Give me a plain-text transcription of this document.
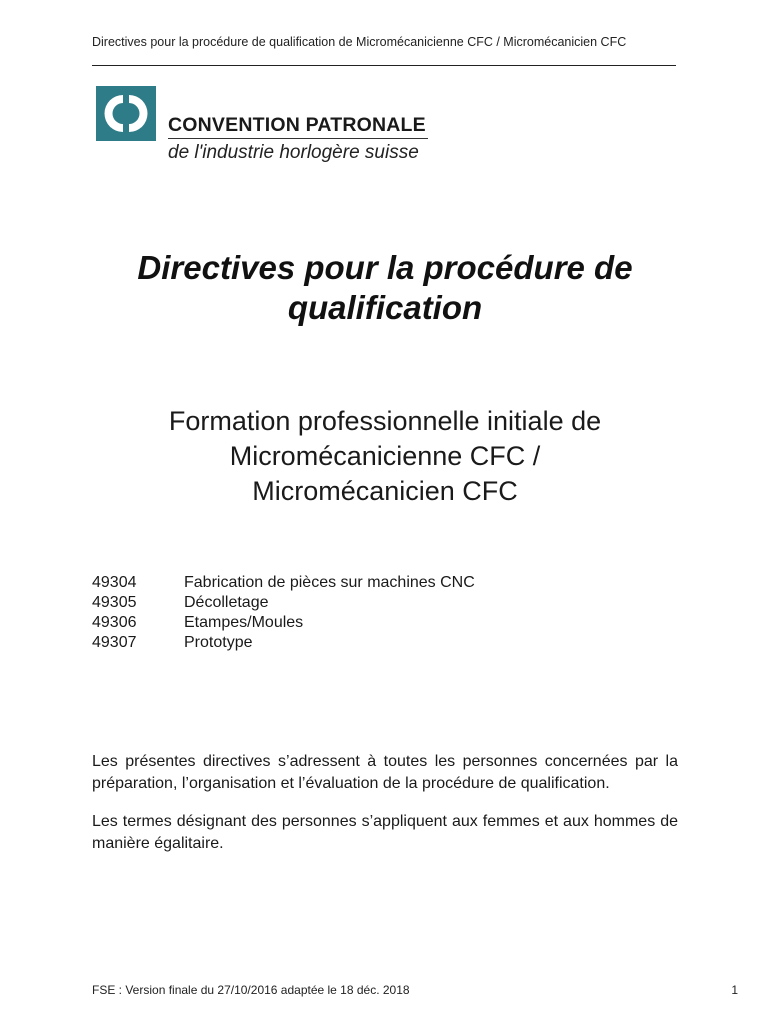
Directives pour la procédure de qualification de Micromécanicienne CFC / Micromécanicien CFC
CONVENTION PATRONALE
de l'industrie horlogère suisse
Directives pour la procédure de
qualification
Formation professionnelle initiale de
Micromécanicienne CFC /
Micromécanicien CFC
49304	Fabrication de pièces sur machines CNC
49305	Décolletage
49306	Etampes/Moules
49307	Prototype

Les présentes directives s’adressent à toutes les personnes concernées par la préparation, l’organisation et l’évaluation de la procédure de qualification.

Les termes désignant des personnes s’appliquent aux femmes et aux hommes de manière égalitaire.

FSE : Version finale du 27/10/2016 adaptée le 18 déc. 2018	1
